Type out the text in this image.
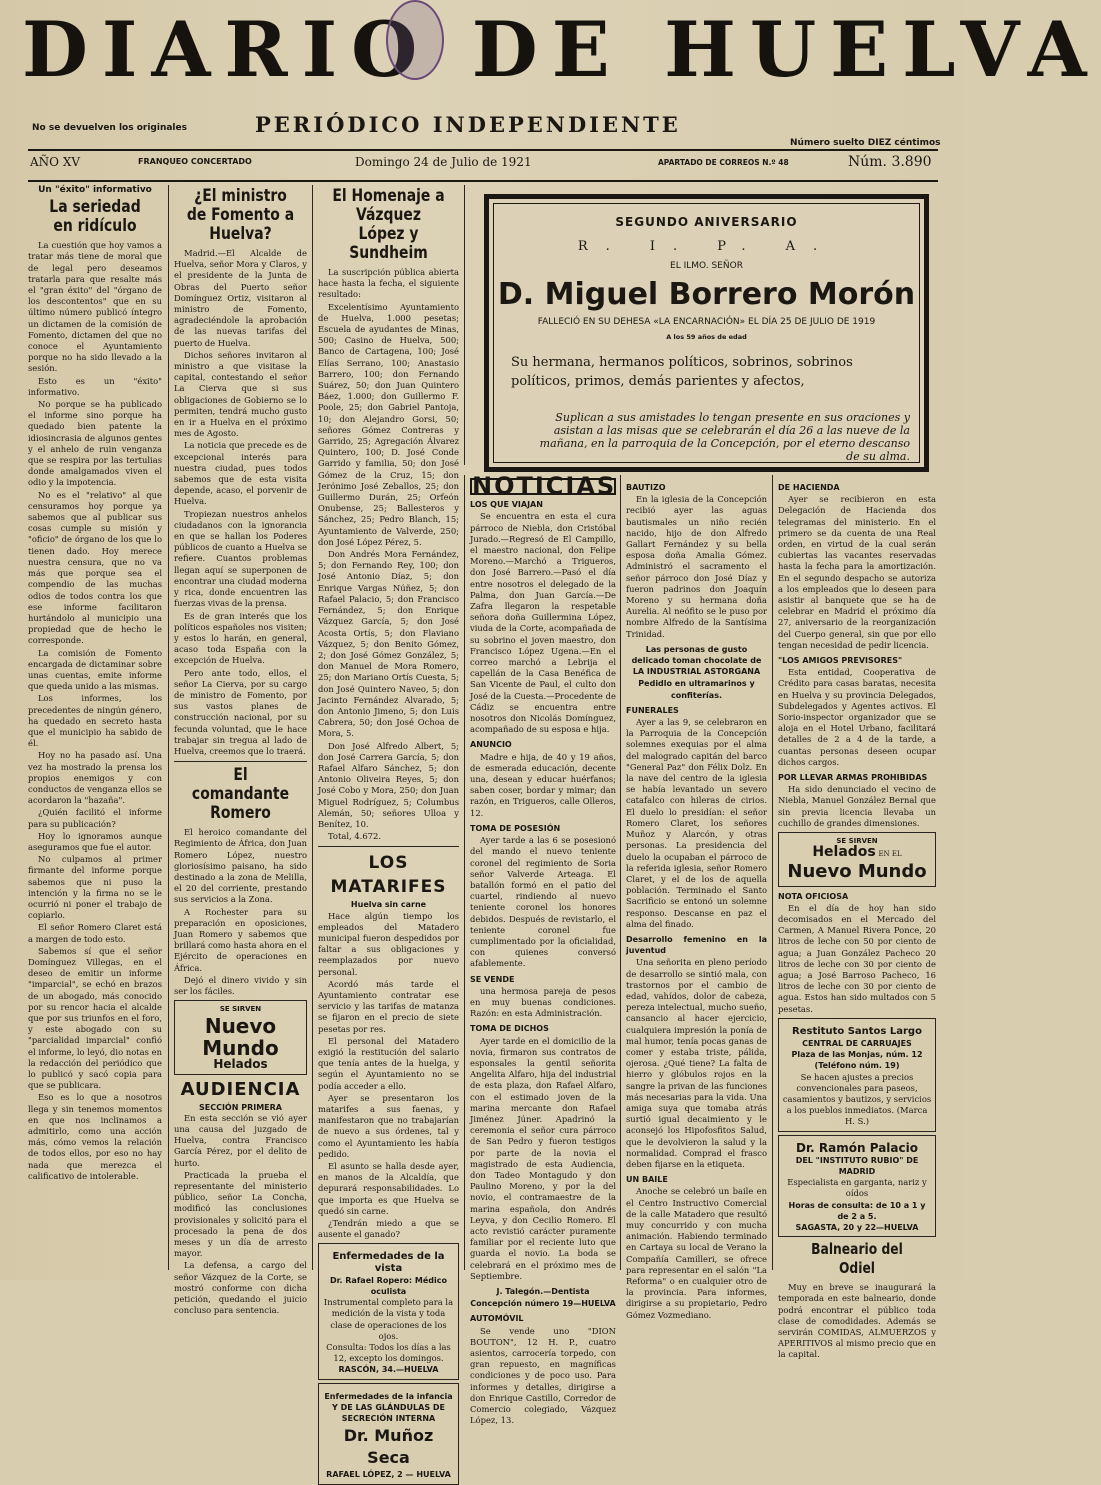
DIARIO DE HUELVA
No se devuelven los originales	PERIÓDICO INDEPENDIENTE
Número suelto DIEZ céntimos
AÑO XV	FRANQUEO CONCERTADO	Domingo 24 de Julio de 1921	APARTADO DE CORREOS N.º 48	Núm. 3.890
Un "éxito" informativo
La seriedad en ridículo
La cuestión que hoy vamos a tratar más tiene de moral que de legal pero deseamos tratarla para que resalte más el "gran éxito" del "órgano de los descontentos" que en su último número publicó íntegro un dictamen de la comisión de Fomento, dictamen del que no conoce el Ayuntamiento porque no ha sido llevado a la sesión.
Esto es un "éxito" informativo.
No porque se ha publicado el informe sino porque ha quedado bien patente la idiosincrasia de algunos gentes y el anhelo de ruin venganza que se respira por las tertulias donde amalgamados viven el odio y la impotencia.
No es el "relativo" al que censuramos hoy porque ya sabemos que al publicar sus cosas cumple su misión y "oficio" de órgano de los que lo tienen dado. Hoy merece nuestra censura, que no va más que porque sea el compendio de las muchas odios de todos contra los que ese informe facilitaron hurtándolo al municipio una propiedad que de hecho le corresponde.
La comisión de Fomento encargada de dictaminar sobre unas cuentas, emite informe que queda unido a las mismas.
Los informes, los precedentes de ningún género, ha quedado en secreto hasta que el municipio ha sabido de él.
Hoy no ha pasado así. Una vez ha mostrado la prensa los propios enemigos y con conductos de venganza ellos se acordaron la "hazaña".
¿Quién facilitó el informe para su publicación?
Hoy lo ignoramos aunque aseguramos que fue el autor.
No culpamos al primer firmante del informe porque sabemos que ni puso la intención y la firma no se le ocurrió ni poner el trabajo de copiarlo.
El señor Romero Claret está a margen de todo esto.
Sabemos sí que el señor Domínguez Villegas, en el deseo de emitir un informe "imparcial", se echó en brazos de un abogado, más conocido por su rencor hacia el alcalde que por sus triunfos en el foro, y este abogado con su "parcialidad imparcial" confió el informe, lo leyó, dio notas en la redacción del periódico que lo publicó y sacó copia para que se publicara.
Eso es lo que a nosotros llega y sin tenemos momentos en que nos inclinamos a admitirlo, como una acción más, cómo vemos la relación de todos ellos, por eso no hay nada que merezca el calificativo de intolerable.
¿El ministro de Fomento a Huelva?
Madrid.—El Alcalde de Huelva, señor Mora y Claros, y el presidente de la Junta de Obras del Puerto señor Domínguez Ortiz, visitaron al ministro de Fomento, agradeciéndole la aprobación de las nuevas tarifas del puerto de Huelva.
Dichos señores invitaron al ministro a que visitase la capital, contestando el señor La Cierva que si sus obligaciones de Gobierno se lo permiten, tendrá mucho gusto en ir a Huelva en el próximo mes de Agosto.
La noticia que precede es de excepcional interés para nuestra ciudad, pues todos sabemos que de esta visita depende, acaso, el porvenir de Huelva.
Tropiezan nuestros anhelos ciudadanos con la ignorancia en que se hallan los Poderes públicos de cuanto a Huelva se refiere. Cuantos problemas llegan aquí se superponen de encontrar una ciudad moderna y rica, donde encuentren las fuerzas vivas de la prensa.
Es de gran interés que los políticos españoles nos visiten; y estos lo harán, en general, acaso toda España con la excepción de Huelva.
Pero ante todo, ellos, el señor La Cierva, por su cargo de ministro de Fomento, por sus vastos planes de construcción nacional, por su fecunda voluntad, que le hace trabajar sin tregua al lado de Huelva, creemos que lo traerá.
El comandante Romero
El heroico comandante del Regimiento de África, don Juan Romero López, nuestro gloriosísimo paisano, ha sido destinado a la zona de Melilla, el 20 del corriente, prestando sus servicios a la Zona.
A Rochester para su preparación en oposiciones, Juan Romero y sabemos que brillará como hasta ahora en el Ejército de operaciones en África.
Dejó el dinero vivido y sin ser los fáciles.
SE SIRVEN
Nuevo Mundo
Helados
AUDIENCIA
SECCIÓN PRIMERA
En esta sección se vió ayer una causa del juzgado de Huelva, contra Francisco García Pérez, por el delito de hurto.
Practicada la prueba el representante del ministerio público, señor La Concha, modificó las conclusiones provisionales y solicitó para el procesado la pena de dos meses y un día de arresto mayor.
La defensa, a cargo del señor Vázquez de la Corte, se mostró conforme con dicha petición, quedando el juicio concluso para sentencia.
El Homenaje a Vázquez López y Sundheim
La suscripción pública abierta hace hasta la fecha, el siguiente resultado:
Excelentísimo Ayuntamiento de Huelva, 1.000 pesetas; Escuela de ayudantes de Minas, 500; Casino de Huelva, 500; Banco de Cartagena, 100; José Elías Serrano, 100; Anastasio Barrero, 100; don Fernando Suárez, 50; don Juan Quintero Báez, 1.000; don Guillermo F. Poole, 25; don Gabriel Pantoja, 10; don Alejandro Gorsi, 50; señores Gómez Contreras y Garrido, 25; Agregación Álvarez Quintero, 100; D. José Conde Garrido y familia, 50; don José Gómez de la Cruz, 15; don Jerónimo José Zeballos, 25; don Guillermo Durán, 25; Orfeón Onubense, 25; Ballesteros y Sánchez, 25; Pedro Blanch, 15; Ayuntamiento de Valverde, 250; don José López Pérez, 5.
Don Andrés Mora Fernández, 5; don Fernando Rey, 100; don José Antonio Díaz, 5; don Enrique Vargas Núñez, 5; don Rafael Palacio, 5; don Francisco Fernández, 5; don Enrique Vázquez García, 5; don José Acosta Ortís, 5; don Flaviano Vázquez, 5; don Benito Gómez, 2; don José Gómez González, 5; don Manuel de Mora Romero, 25; don Mariano Ortís Cuesta, 5; don José Quintero Naveo, 5; don Jacinto Fernández Alvarado, 5; don Antonio Jimeno, 5; don Luis Cabrera, 50; don José Ochoa de Mora, 5.
Don José Alfredo Albert, 5; don José Carrera García, 5; don Rafael Alfaro Sánchez, 5; don Antonio Oliveira Reyes, 5; don José Cobo y Mora, 250; don Juan Miguel Rodríguez, 5; Columbus Alemán, 50; señores Ulloa y Benítez, 10.
Total, 4.672.
LOS MATARIFES
Huelva sin carne
Hace algún tiempo los empleados del Matadero municipal fueron despedidos por faltar a sus obligaciones y reemplazados por nuevo personal.
Acordó más tarde el Ayuntamiento contratar ese servicio y las tarifas de matanza se fijaron en el precio de siete pesetas por res.
El personal del Matadero exigió la restitución del salario que tenía antes de la huelga, y según el Ayuntamiento no se podía acceder a ello.
Ayer se presentaron los matarifes a sus faenas, y manifestaron que no trabajarían de nuevo a sus órdenes, tal y como el Ayuntamiento les había pedido.
El asunto se halla desde ayer, en manos de la Alcaldía, que depurará responsabilidades. Lo que importa es que Huelva se quedó sin carne.
¿Tendrán miedo a que se ausente el ganado?
Enfermedades de la vista
Dr. Rafael Ropero: Médico oculista
Instrumental completo para la medición de la vista y toda clase de operaciones de los ojos.
Consulta: Todos los días a las 12, excepto los domingos.
RASCÓN, 34.—HUELVA
Enfermedades de la infancia Y DE LAS GLÁNDULAS DE SECRECIÓN INTERNA
Dr. Muñoz Seca
RAFAEL LÓPEZ, 2 — HUELVA
SEGUNDO ANIVERSARIO
R. I. P. A.
EL ILMO. SEÑOR
D. Miguel Borrero Morón
FALLECIÓ EN SU DEHESA «LA ENCARNACIÓN» EL DÍA 25 DE JULIO DE 1919
A los 59 años de edad
Su hermana, hermanos políticos, sobrinos, sobrinos políticos, primos, demás parientes y afectos,
Suplican a sus amistades lo tengan presente en sus oraciones y asistan a las misas que se celebrarán el día 26 a las nueve de la mañana, en la parroquia de la Concepción, por el eterno descanso de su alma.
NOTICIAS
LOS QUE VIAJAN
Se encuentra en esta el cura párroco de Niebla, don Cristóbal Jurado.—Regresó de El Campillo, el maestro nacional, don Felipe Moreno.—Marchó a Trigueros, don José Barrero.—Pasó el día entre nosotros el delegado de la Palma, don Juan García.—De Zafra llegaron la respetable señora doña Guillermina López, viuda de la Corte, acompañada de su sobrino el joven maestro, don Francisco López Ugena.—En el correo marchó a Lebrija el capellán de la Casa Benéfica de San Vicente de Paul, el culto don José de la Cuesta.—Procedente de Cádiz se encuentra entre nosotros don Nicolás Domínguez, acompañado de su esposa e hija.
ANUNCIO
Madre e hija, de 40 y 19 años, de esmerada educación, decente una, desean y educar huérfanos; saben coser, bordar y mimar; dan razón, en Trigueros, calle Olleros, 12.
TOMA DE POSESIÓN
Ayer tarde a las 6 se posesionó del mando el nuevo teniente coronel del regimiento de Soria señor Valverde Arteaga. El batallón formó en el patio del cuartel, rindiendo al nuevo teniente coronel los honores debidos. Después de revistarlo, el teniente coronel fue cumplimentado por la oficialidad, con quienes conversó afablemente.
SE VENDE
una hermosa pareja de pesos en muy buenas condiciones. Razón: en esta Administración.
TOMA DE DICHOS
Ayer tarde en el domicilio de la novia, firmaron sus contratos de esponsales la gentil señorita Angelita Alfaro, hija del industrial de esta plaza, don Rafael Alfaro, con el estimado joven de la marina mercante don Rafael Jiménez Júner. Apadrinó la ceremonia el señor cura párroco de San Pedro y fueron testigos por parte de la novia el magistrado de esta Audiencia, don Tadeo Montagudo y don Paulino Moreno, y por la del novio, el contramaestre de la marina española, don Andrés Leyva, y don Cecilio Romero. El acto revistió carácter puramente familiar por el reciente luto que guarda el novio. La boda se celebrará en el próximo mes de Septiembre.
J. Talegón.—Dentista
Concepción número 19—HUELVA
AUTOMÓVIL
Se vende uno "DION BOUTON", 12 H. P., cuatro asientos, carrocería torpedo, con gran repuesto, en magníficas condiciones y de poco uso. Para informes y detalles, dirigirse a don Enrique Castillo, Corredor de Comercio colegiado, Vázquez López, 13.
BAUTIZO
En la iglesia de la Concepción recibió ayer las aguas bautismales un niño recién nacido, hijo de don Alfredo Gallart Fernández y su bella esposa doña Amalia Gómez. Administró el sacramento el señor párroco don José Díaz y fueron padrinos don Joaquín Moreno y su hermana doña Aurelia. Al neófito se le puso por nombre Alfredo de la Santísima Trinidad.
Las personas de gusto delicado toman chocolate de LA INDUSTRIAL ASTORGANA
Pedidlo en ultramarinos y confiterías.
FUNERALES
Ayer a las 9, se celebraron en la Parroquia de la Concepción solemnes exequias por el alma del malogrado capitán del barco "General Paz" don Félix Dolz. En la nave del centro de la iglesia se había levantado un severo catafalco con hileras de cirios. El duelo lo presidían: el señor Romero Claret, los señores Muñoz y Alarcón, y otras personas. La presidencia del duelo la ocupaban el párroco de la referida iglesia, señor Romero Claret, y el de los de aquella población. Terminado el Santo Sacrificio se entonó un solemne responso. Descanse en paz el alma del finado.
Desarrollo femenino en la juventud
Una señorita en pleno período de desarrollo se sintió mala, con trastornos por el cambio de edad, vahídos, dolor de cabeza, pereza intelectual, mucho sueño, cansancio al hacer ejercicio, cualquiera impresión la ponía de mal humor, tenía pocas ganas de comer y estaba triste, pálida, ojerosa. ¿Qué tiene? La falta de hierro y glóbulos rojos en la sangre la privan de las funciones más necesarias para la vida. Una amiga suya que tomaba atrás surtió igual decaimiento y le aconsejó los Hipofosfitos Salud, que le devolvieron la salud y la normalidad. Comprad el frasco deben fijarse en la etiqueta.
UN BAILE
Anoche se celebró un baile en el Centro Instructivo Comercial de la calle Matadero que resultó muy concurrido y con mucha animación. Habiendo terminado en Cartaya su local de Verano la Compañía Camilleri, se ofrece para representar en el salón "La Reforma" o en cualquier otro de la provincia. Para informes, dirigirse a su propietario, Pedro Gómez Vozmediano.
DE HACIENDA
Ayer se recibieron en esta Delegación de Hacienda dos telegramas del ministerio. En el primero se da cuenta de una Real orden, en virtud de la cual serán cubiertas las vacantes reservadas hasta la fecha para la amortización. En el segundo despacho se autoriza a los empleados que lo deseen para asistir al banquete que se ha de celebrar en Madrid el próximo día 27, aniversario de la reorganización del Cuerpo general, sin que por ello tengan necesidad de pedir licencia.
"LOS AMIGOS PREVISORES"
Esta entidad, Cooperativa de Crédito para casas baratas, necesita en Huelva y su provincia Delegados, Subdelegados y Agentes activos. El Sorio-inspector organizador que se aloja en el Hotel Urbano, facilitará detalles de 2 a 4 de la tarde, a cuantas personas deseen ocupar dichos cargos.
POR LLEVAR ARMAS PROHIBIDAS
Ha sido denunciado el vecino de Niebla, Manuel González Bernal que sin previa licencia llevaba un cuchillo de grandes dimensiones.
SE SIRVEN
Helados EN EL
Nuevo Mundo
NOTA OFICIOSA
En el día de hoy han sido decomisados en el Mercado del Carmen, A Manuel Rivera Ponce, 20 litros de leche con 50 por ciento de agua; a Juan González Pacheco 20 litros de leche con 30 por ciento de agua; a José Barroso Pacheco, 16 litros de leche con 30 por ciento de agua. Estos han sido multados con 5 pesetas.
Restituto Santos Largo
CENTRAL DE CARRUAJES
Plaza de las Monjas, núm. 12
(Teléfono núm. 19)
Se hacen ajustes a precios convencionales para paseos, casamientos y bautizos, y servicios a los pueblos inmediatos. (Marca H. S.)
Dr. Ramón Palacio
DEL "INSTITUTO RUBIO" DE MADRID
Especialista en garganta, nariz y oídos
Horas de consulta: de 10 a 1 y de 2 a 5.
SAGASTA, 20 y 22—HUELVA
Balneario del Odiel
Muy en breve se inaugurará la temporada en este balneario, donde podrá encontrar el público toda clase de comodidades. Además se servirán COMIDAS, ALMUERZOS y APERITIVOS al mismo precio que en la capital.
